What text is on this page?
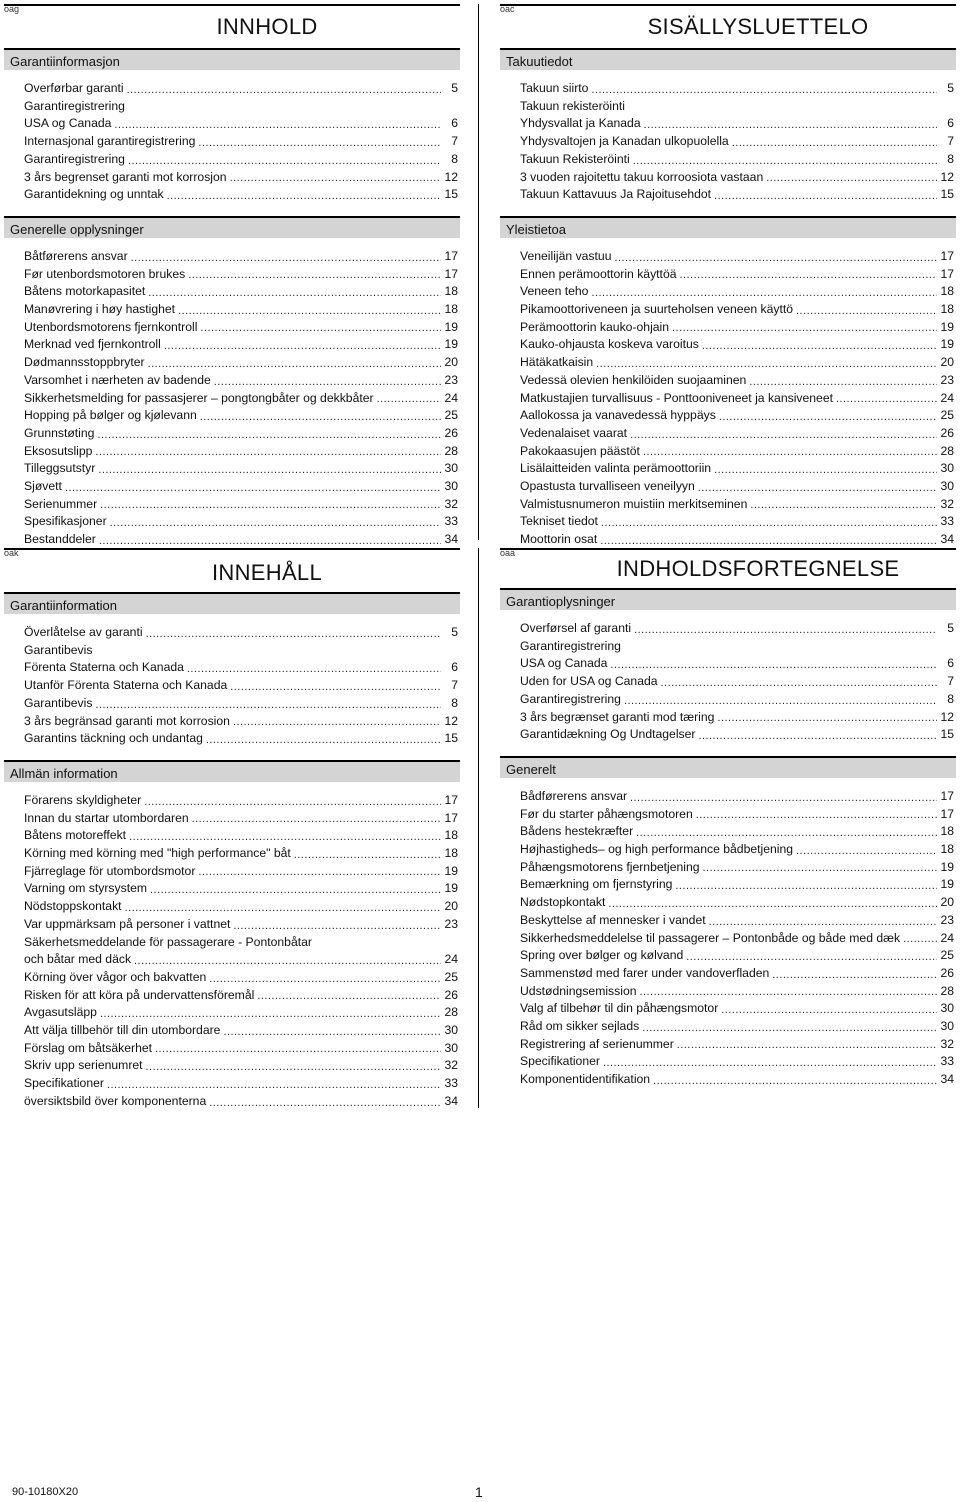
oag
INNHOLD
Garantiinformasjon
Overførbar garanti . . .	5
Garantiregistrering
USA og Canada . . .	6
Internasjonal garantiregistrering . . .	7
Garantiregistrering . . .	8
3 års begrenset garanti mot korrosjon . . .	12
Garantidekning og unntak . . .	15
Generelle opplysninger
Båtførerens ansvar . . .	17
Før utenbordsmotoren brukes . . .	17
Båtens motorkapasitet . . .	18
Manøvrering i høy hastighet . . .	18
Utenbordsmotorens fjernkontroll . . .	19
Merknad ved fjernkontroll . . .	19
Dødmannsstoppbryter . . .	20
Varsomhet i nærheten av badende . . .	23
Sikkerhetsmelding for passasjerer – pongtongbåter og dekkbåter . . .	24
Hopping på bølger og kjølevann . . .	25
Grunnstøting . . .	26
Eksosutslipp . . .	28
Tilleggsutstyr . . .	30
Sjøvett . . .	30
Serienummer . . .	32
Spesifikasjoner . . .	33
Bestanddeler . . .	34
oac
SISÄLLYSLUETTELO
Takuutiedot
Takuun siirto . . .	5
Takuun rekisteröinti
Yhdysvallat ja Kanada . . .	6
Yhdysvaltojen ja Kanadan ulkopuolella . . .	7
Takuun Rekisteröinti . . .	8
3 vuoden rajoitettu takuu korroosiota vastaan . . .	12
Takuun Kattavuus Ja Rajoitusehdot . . .	15
Yleistietoa
Veneilijän vastuu . . .	17
Ennen perämoottorin käyttöä . . .	17
Veneen teho . . .	18
Pikamoottoriveneen ja suurteholsen veneen käyttö . . .	18
Perämoottorin kauko-ohjain . . .	19
Kauko-ohjausta koskeva varoitus . . .	19
Hätäkatkaisin . . .	20
Vedessä olevien henkilöiden suojaaminen . . .	23
Matkustajien turvallisuus - Ponttooniveneet ja kansiveneet . . .	24
Aallokossa ja vanavedessä hyppäys . . .	25
Vedenalaiset vaarat . . .	26
Pakokaasujen päästöt . . .	28
Lisälaitteiden valinta perämoottoriin . . .	30
Opastusta turvalliseen veneilyyn . . .	30
Valmistusnumeron muistiin merkitseminen . . .	32
Tekniset tiedot . . .	33
Moottorin osat . . .	34
oak
INNEHÅLL
Garantiinformation
Överlåtelse av garanti . . .	5
Garantibevis
Förenta Staterna och Kanada . . .	6
Utanför Förenta Staterna och Kanada . . .	7
Garantibevis . . .	8
3 års begränsad garanti mot korrosion . . .	12
Garantins täckning och undantag . . .	15
Allmän information
Förarens skyldigheter . . .	17
Innan du startar utombordaren . . .	17
Båtens motoreffekt . . .	18
Körning med körning med "high performance" båt . . .	18
Fjärreglage för utombordsmotor . . .	19
Varning om styrsystem . . .	19
Nödstoppskontakt . . .	20
Var uppmärksam på personer i vattnet . . .	23
Säkerhetsmeddelande för passagerare - Pontonbåtar
och båtar med däck . . .	24
Körning över vågor och bakvatten . . .	25
Risken för att köra på undervattensföremål . . .	26
Avgasutsläpp . . .	28
Att välja tillbehör till din utombordare . . .	30
Förslag om båtsäkerhet . . .	30
Skriv upp serienumret . . .	32
Specifikationer . . .	33
översiktsbild över komponenterna . . .	34
oaa
INDHOLDSFORTEGNELSE
Garantioplysninger
Overførsel af garanti . . .	5
Garantiregistrering
USA og Canada . . .	6
Uden for USA og Canada . . .	7
Garantiregistrering . . .	8
3 års begrænset garanti mod tæring . . .	12
Garantidækning Og Undtagelser . . .	15
Generelt
Bådførerens ansvar . . .	17
Før du starter påhængsmotoren . . .	17
Bådens hestekræfter . . .	18
Højhastigheds– og high performance bådbetjening . . .	18
Påhængsmotorens fjernbetjening . . .	19
Bemærkning om fjernstyring . . .	19
Nødstopkontakt . . .	20
Beskyttelse af mennesker i vandet . . .	23
Sikkerhedsmeddelelse til passagerer – Pontonbåde og både med dæk . . .	24
Spring over bølger og kølvand . . .	25
Sammenstød med farer under vandoverfladen . . .	26
Udstødningsemission . . .	28
Valg af tilbehør til din påhængsmotor . . .	30
Råd om sikker sejlads . . .	30
Registrering af serienummer . . .	32
Specifikationer . . .	33
Komponentidentifikation . . .	34
90-10180X20	1
